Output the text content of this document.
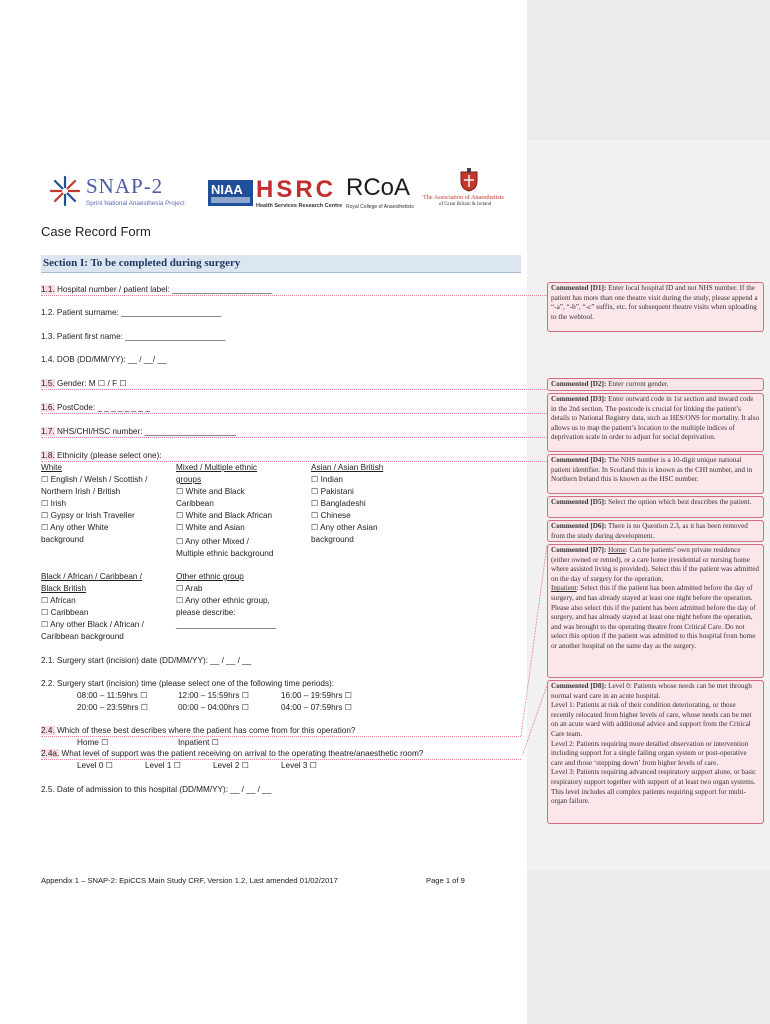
SNAP-2
Sprint National Anaesthesia Project
NIAA HSRC
Health Services Research Centre
RCoA
Royal College of Anaesthetists
The Association of Anaesthetists
of Great Britain & Ireland
Case Record Form
Section I: To be completed during surgery
1.1. Hospital number / patient label: ______________________
1.2. Patient surname: ______________________
1.3. Patient first name: ______________________
1.4. DOB (DD/MM/YY): __ / __/ __
1.5. Gender: M ☐ / F ☐
1.6. PostCode: _ _ _ _ _ _ _ _
1.7. NHS/CHI/HSC number: ____________________
1.8. Ethnicity (please select one):
White
☐ English / Welsh / Scottish /
Northern Irish / British
☐ Irish
☐ Gypsy or Irish Traveller
☐ Any other White
background
Mixed / Multiple ethnic
groups
☐ White and Black
Caribbean
☐ White and Black African
☐ White and Asian
☐ Any other Mixed /
Multiple ethnic background
Asian / Asian British
☐ Indian
☐ Pakistani
☐ Bangladeshi
☐ Chinese
☐ Any other Asian
background
Black / African / Caribbean /
Black British
☐ African
☐ Caribbean
☐ Any other Black / African /
Caribbean background
Other ethnic group
☐ Arab
☐ Any other ethnic group,
please describe:
______________________
2.1. Surgery start (incision) date (DD/MM/YY): __ / __ / __
2.2. Surgery start (incision) time (please select one of the following time periods):
08:00 – 11:59hrs ☐	12:00 – 15:59hrs ☐	16:00 – 19:59hrs ☐
20:00 – 23:59hrs ☐	00:00 – 04:00hrs ☐	04:00 – 07:59hrs ☐
2.4. Which of these best describes where the patient has come from for this operation?
Home ☐	Inpatient ☐
2.4a. What level of support was the patient receiving on arrival to the operating theatre/anaesthetic room?
Level 0 ☐	Level 1 ☐	Level 2 ☐	Level 3 ☐
2.5. Date of admission to this hospital (DD/MM/YY): __ / __ / __
Appendix 1 – SNAP-2: EpiCCS Main Study CRF, Version 1.2, Last amended 01/02/2017	Page 1 of 9
Commented [D1]: Enter local hospital ID and not NHS number. If the patient has more than one theatre visit during the study, please append a “-a”, “-b”, “-c” suffix, etc. for subsequent theatre visits when uploading to the webtool.
Commented [D2]: Enter current gender.
Commented [D3]: Enter outward code in 1st section and inward code in the 2nd section. The postcode is crucial for linking the patient’s details to National Registry data, such as HES/ONS for mortality. It also allows us to map the patient’s location to the multiple indices of deprivation scale in order to adjust for social deprivation.
Commented [D4]: The NHS number is a 10-digit unique national patient identifier. In Scotland this is known as the CHI number, and in Northern Ireland this is known as the HSC number.
Commented [D5]: Select the option which best describes the patient.
Commented [D6]: There is no Question 2.3, as it has been removed from the study during development.
Commented [D7]: Home: Can be patients’ own private residence (either owned or rented), or a care home (residential or nursing home where assisted living is provided). Select this if the patient was admitted on the day of surgery for the operation.
Inpatient: Select this if the patient has been admitted before the day of surgery, and has already stayed at least one night before the operation.
Please also select this if the patient has been admitted before the day of surgery, and has already stayed at least one night before the operation, and was brought to the operating theatre from Critical Care. Do not select this option if the patient was admitted to this hospital from home or another hospital on the same day as the surgery.
Commented [D8]: Level 0: Patients whose needs can be met through normal ward care in an acute hospital.
Level 1: Patients at risk of their condition deteriorating, or those recently relocated from higher levels of care, whose needs can be met on an acute ward with additional advice and support from the Critical Care team.
Level 2: Patients requiring more detailed observation or intervention including support for a single failing organ system or post-operative care and those ‘stepping down’ from higher levels of care.
Level 3: Patients requiring advanced respiratory support alone, or basic respiratory support together with support of at least two organ systems. This level includes all complex patients requiring support for multi-organ failure.
